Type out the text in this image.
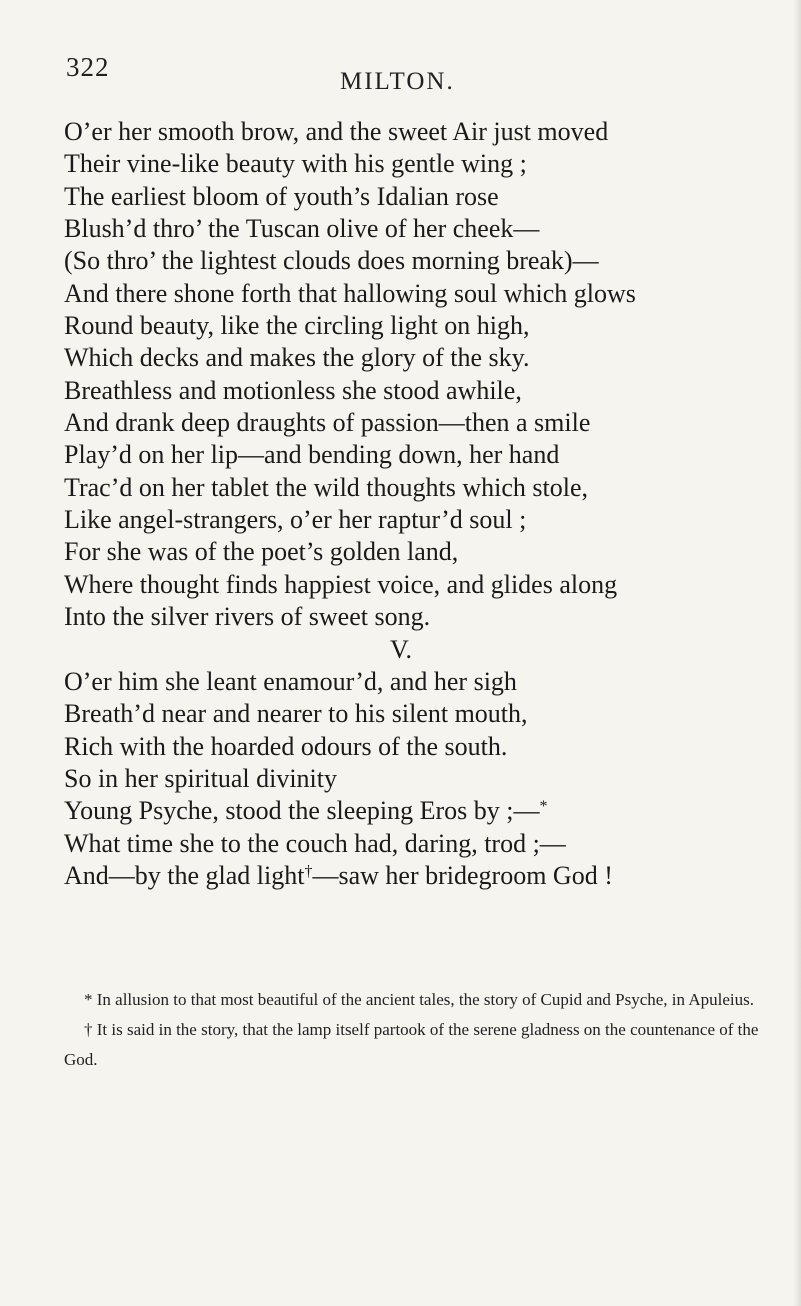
322	MILTON.
O’er her smooth brow, and the sweet Air just moved
Their vine-like beauty with his gentle wing ;
The earliest bloom of youth’s Idalian rose
Blush’d thro’ the Tuscan olive of her cheek—
(So thro’ the lightest clouds does morning break)—
And there shone forth that hallowing soul which glows
Round beauty, like the circling light on high,
Which decks and makes the glory of the sky.
Breathless and motionless she stood awhile,
And drank deep draughts of passion—then a smile
Play’d on her lip—and bending down, her hand
Trac’d on her tablet the wild thoughts which stole,
Like angel-strangers, o’er her raptur’d soul ;
For she was of the poet’s golden land,
Where thought finds happiest voice, and glides along
Into the silver rivers of sweet song.
V.
O’er him she leant enamour’d, and her sigh
Breath’d near and nearer to his silent mouth,
Rich with the hoarded odours of the south.
So in her spiritual divinity
Young Psyche, stood the sleeping Eros by ;—*
What time she to the couch had, daring, trod ;—
And—by the glad light†—saw her bridegroom God !
* In allusion to that most beautiful of the ancient tales, the story of Cupid and Psyche, in Apuleius.
† It is said in the story, that the lamp itself partook of the serene gladness on the countenance of the God.
